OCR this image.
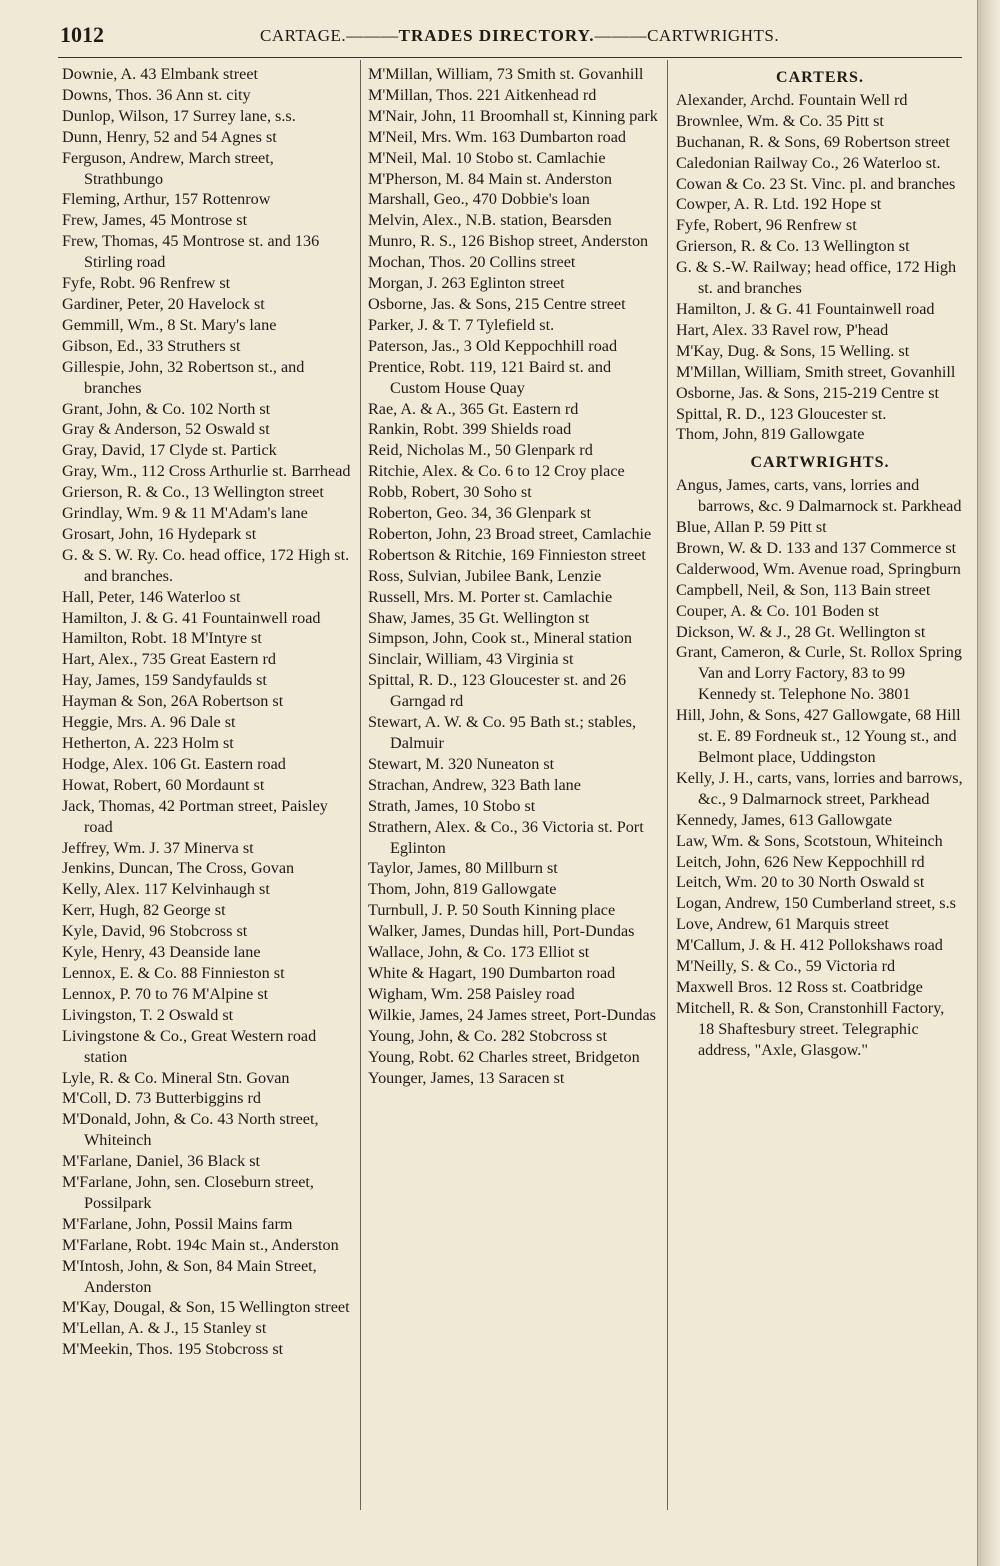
1012	CARTAGE.———TRADES DIRECTORY.———CARTWRIGHTS.
Downie, A. 43 Elmbank street
Downs, Thos. 36 Ann st. city
Dunlop, Wilson, 17 Surrey lane, s.s.
Dunn, Henry, 52 and 54 Agnes st
Ferguson, Andrew, March street, Strathbungo
Fleming, Arthur, 157 Rottenrow
Frew, James, 45 Montrose st
Frew, Thomas, 45 Montrose st. and 136 Stirling road
Fyfe, Robt. 96 Renfrew st
Gardiner, Peter, 20 Havelock st
Gemmill, Wm., 8 St. Mary's lane
Gibson, Ed., 33 Struthers st
Gillespie, John, 32 Robertson st., and branches
Grant, John, & Co. 102 North st
Gray & Anderson, 52 Oswald st
Gray, David, 17 Clyde st. Partick
Gray, Wm., 112 Cross Arthurlie st. Barrhead
Grierson, R. & Co., 13 Wellington street
Grindlay, Wm. 9 & 11 M'Adam's lane
Grosart, John, 16 Hydepark st
G. & S. W. Ry. Co. head office, 172 High st. and branches.
Hall, Peter, 146 Waterloo st
Hamilton, J. & G. 41 Fountainwell road
Hamilton, Robt. 18 M'Intyre st
Hart, Alex., 735 Great Eastern rd
Hay, James, 159 Sandyfaulds st
Hayman & Son, 26A Robertson st
Heggie, Mrs. A. 96 Dale st
Hetherton, A. 223 Holm st
Hodge, Alex. 106 Gt. Eastern road
Howat, Robert, 60 Mordaunt st
Jack, Thomas, 42 Portman street, Paisley road
Jeffrey, Wm. J. 37 Minerva st
Jenkins, Duncan, The Cross, Govan
Kelly, Alex. 117 Kelvinhaugh st
Kerr, Hugh, 82 George st
Kyle, David, 96 Stobcross st
Kyle, Henry, 43 Deanside lane
Lennox, E. & Co. 88 Finnieston st
Lennox, P. 70 to 76 M'Alpine st
Livingston, T. 2 Oswald st
Livingstone & Co., Great Western road station
Lyle, R. & Co. Mineral Stn. Govan
M'Coll, D. 73 Butterbiggins rd
M'Donald, John, & Co. 43 North street, Whiteinch
M'Farlane, Daniel, 36 Black st
M'Farlane, John, sen. Closeburn street, Possilpark
M'Farlane, John, Possil Mains farm
M'Farlane, Robt. 194c Main st., Anderston
M'Intosh, John, & Son, 84 Main Street, Anderston
M'Kay, Dougal, & Son, 15 Wellington street
M'Lellan, A. & J., 15 Stanley st
M'Meekin, Thos. 195 Stobcross st
M'Millan, William, 73 Smith st. Govanhill
M'Millan, Thos. 221 Aitkenhead rd
M'Nair, John, 11 Broomhall st, Kinning park
M'Neil, Mrs. Wm. 163 Dumbarton road
M'Neil, Mal. 10 Stobo st. Camlachie
M'Pherson, M. 84 Main st. Anderston
Marshall, Geo., 470 Dobbie's loan
Melvin, Alex., N.B. station, Bearsden
Munro, R. S., 126 Bishop street, Anderston
Mochan, Thos. 20 Collins street
Morgan, J. 263 Eglinton street
Osborne, Jas. & Sons, 215 Centre street
Parker, J. & T. 7 Tylefield st.
Paterson, Jas., 3 Old Keppochhill road
Prentice, Robt. 119, 121 Baird st. and Custom House Quay
Rae, A. & A., 365 Gt. Eastern rd
Rankin, Robt. 399 Shields road
Reid, Nicholas M., 50 Glenpark rd
Ritchie, Alex. & Co. 6 to 12 Croy place
Robb, Robert, 30 Soho st
Roberton, Geo. 34, 36 Glenpark st
Roberton, John, 23 Broad street, Camlachie
Robertson & Ritchie, 169 Finnieston street
Ross, Sulvian, Jubilee Bank, Lenzie
Russell, Mrs. M. Porter st. Camlachie
Shaw, James, 35 Gt. Wellington st
Simpson, John, Cook st., Mineral station
Sinclair, William, 43 Virginia st
Spittal, R. D., 123 Gloucester st. and 26 Garngad rd
Stewart, A. W. & Co. 95 Bath st.; stables, Dalmuir
Stewart, M. 320 Nuneaton st
Strachan, Andrew, 323 Bath lane
Strath, James, 10 Stobo st
Strathern, Alex. & Co., 36 Victoria st. Port Eglinton
Taylor, James, 80 Millburn st
Thom, John, 819 Gallowgate
Turnbull, J. P. 50 South Kinning place
Walker, James, Dundas hill, Port-Dundas
Wallace, John, & Co. 173 Elliot st
White & Hagart, 190 Dumbarton road
Wigham, Wm. 258 Paisley road
Wilkie, James, 24 James street, Port-Dundas
Young, John, & Co. 282 Stobcross st
Young, Robt. 62 Charles street, Bridgeton
Younger, James, 13 Saracen st
CARTERS.
Alexander, Archd. Fountain Well rd
Brownlee, Wm. & Co. 35 Pitt st
Buchanan, R. & Sons, 69 Robertson street
Caledonian Railway Co., 26 Waterloo st.
Cowan & Co. 23 St. Vinc. pl. and branches
Cowper, A. R. Ltd. 192 Hope st
Fyfe, Robert, 96 Renfrew st
Grierson, R. & Co. 13 Wellington st
G. & S.-W. Railway; head office, 172 High st. and branches
Hamilton, J. & G. 41 Fountainwell road
Hart, Alex. 33 Ravel row, P'head
M'Kay, Dug. & Sons, 15 Welling. st
M'Millan, William, Smith street, Govanhill
Osborne, Jas. & Sons, 215-219 Centre st
Spittal, R. D., 123 Gloucester st.
Thom, John, 819 Gallowgate
CARTWRIGHTS.
Angus, James, carts, vans, lorries and barrows, &c. 9 Dalmarnock st. Parkhead
Blue, Allan P. 59 Pitt st
Brown, W. & D. 133 and 137 Commerce st
Calderwood, Wm. Avenue road, Springburn
Campbell, Neil, & Son, 113 Bain street
Couper, A. & Co. 101 Boden st
Dickson, W. & J., 28 Gt. Wellington st
Grant, Cameron, & Curle, St. Rollox Spring Van and Lorry Factory, 83 to 99 Kennedy st. Telephone No. 3801
Hill, John, & Sons, 427 Gallowgate, 68 Hill st. E. 89 Fordneuk st., 12 Young st., and Belmont place, Uddingston
Kelly, J. H., carts, vans, lorries and barrows, &c., 9 Dalmarnock street, Parkhead
Kennedy, James, 613 Gallowgate
Law, Wm. & Sons, Scotstoun, Whiteinch
Leitch, John, 626 New Keppochhill rd
Leitch, Wm. 20 to 30 North Oswald st
Logan, Andrew, 150 Cumberland street, s.s
Love, Andrew, 61 Marquis street
M'Callum, J. & H. 412 Pollokshaws road
M'Neilly, S. & Co., 59 Victoria rd
Maxwell Bros. 12 Ross st. Coatbridge
Mitchell, R. & Son, Cranstonhill Factory, 18 Shaftesbury street. Telegraphic address, "Axle, Glasgow."
